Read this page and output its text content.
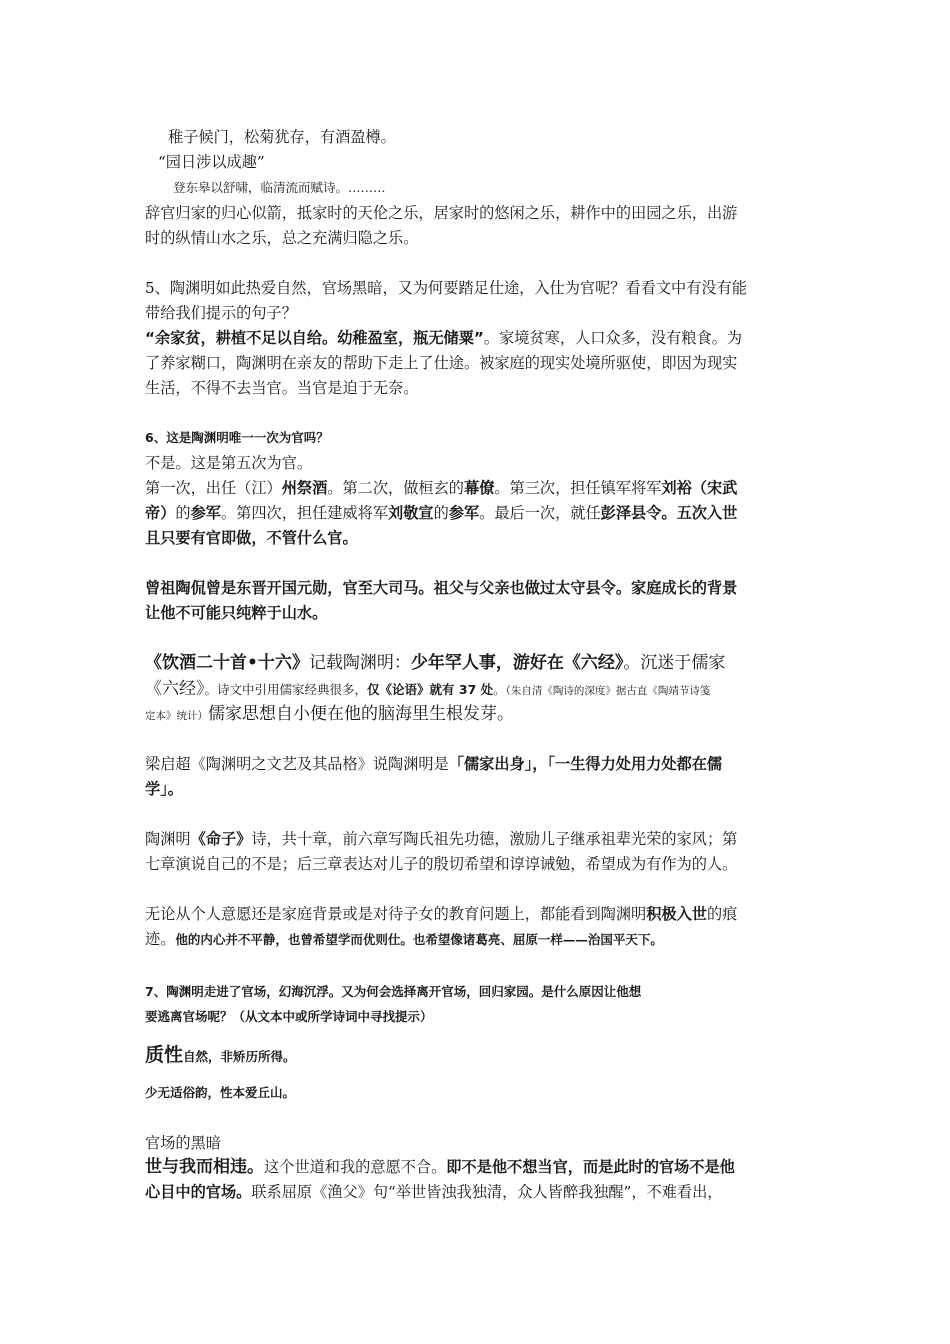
稚子候门，松菊犹存，有酒盈樽。
“园日涉以成趣”
登东皋以舒啸，临清流而赋诗。………
辞官归家的归心似箭，抵家时的天伦之乐，居家时的悠闲之乐，耕作中的田园之乐，出游
时的纵情山水之乐，总之充满归隐之乐。
5、陶渊明如此热爱自然，官场黑暗，又为何要踏足仕途，入仕为官呢？看看文中有没有能
带给我们提示的句子？
“余家贫，耕植不足以自给。幼稚盈室，瓶无储粟”。家境贫寒，人口众多，没有粮食。为
了养家糊口，陶渊明在亲友的帮助下走上了仕途。被家庭的现实处境所驱使，即因为现实
生活，不得不去当官。当官是迫于无奈。
6、这是陶渊明唯一一次为官吗？
不是。这是第五次为官。
第一次，出任（江）州祭酒。第二次，做桓玄的幕僚。第三次，担任镇军将军刘裕（宋武
帝）的参军。第四次，担任建威将军刘敬宣的参军。最后一次，就任彭泽县令。五次入世
且只要有官即做，不管什么官。
曾祖陶侃曾是东晋开国元勋，官至大司马。祖父与父亲也做过太守县令。家庭成长的背景
让他不可能只纯粹于山水。
《饮酒二十首•十六》记载陶渊明：少年罕人事，游好在《六经》。沉迷于儒家
《六经》。诗文中引用儒家经典很多，仅《论语》就有 37 处。（朱自清《陶诗的深度》据古直《陶靖节诗笺
定本》统计）儒家思想自小便在他的脑海里生根发芽。
梁启超《陶渊明之文艺及其品格》说陶渊明是「儒家出身」，「一生得力处用力处都在儒
学」。
陶渊明《命子》诗，共十章，前六章写陶氏祖先功德，激励儿子继承祖辈光荣的家风；第
七章演说自己的不是；后三章表达对儿子的殷切希望和谆谆诫勉，希望成为有作为的人。
无论从个人意愿还是家庭背景或是对待子女的教育问题上，都能看到陶渊明积极入世的痕
迹。他的内心并不平静，也曾希望学而优则仕。也希望像诸葛亮、屈原一样——治国平天下。
7、陶渊明走进了官场，幻海沉浮。又为何会选择离开官场，回归家园。是什么原因让他想
要逃离官场呢？（从文本中或所学诗词中寻找提示）
质性自然，非矫历所得。
少无适俗韵，性本爱丘山。
官场的黑暗
世与我而相违。这个世道和我的意愿不合。即不是他不想当官，而是此时的官场不是他
心目中的官场。联系屈原《渔父》句“举世皆浊我独清，众人皆醉我独醒”，不难看出，
